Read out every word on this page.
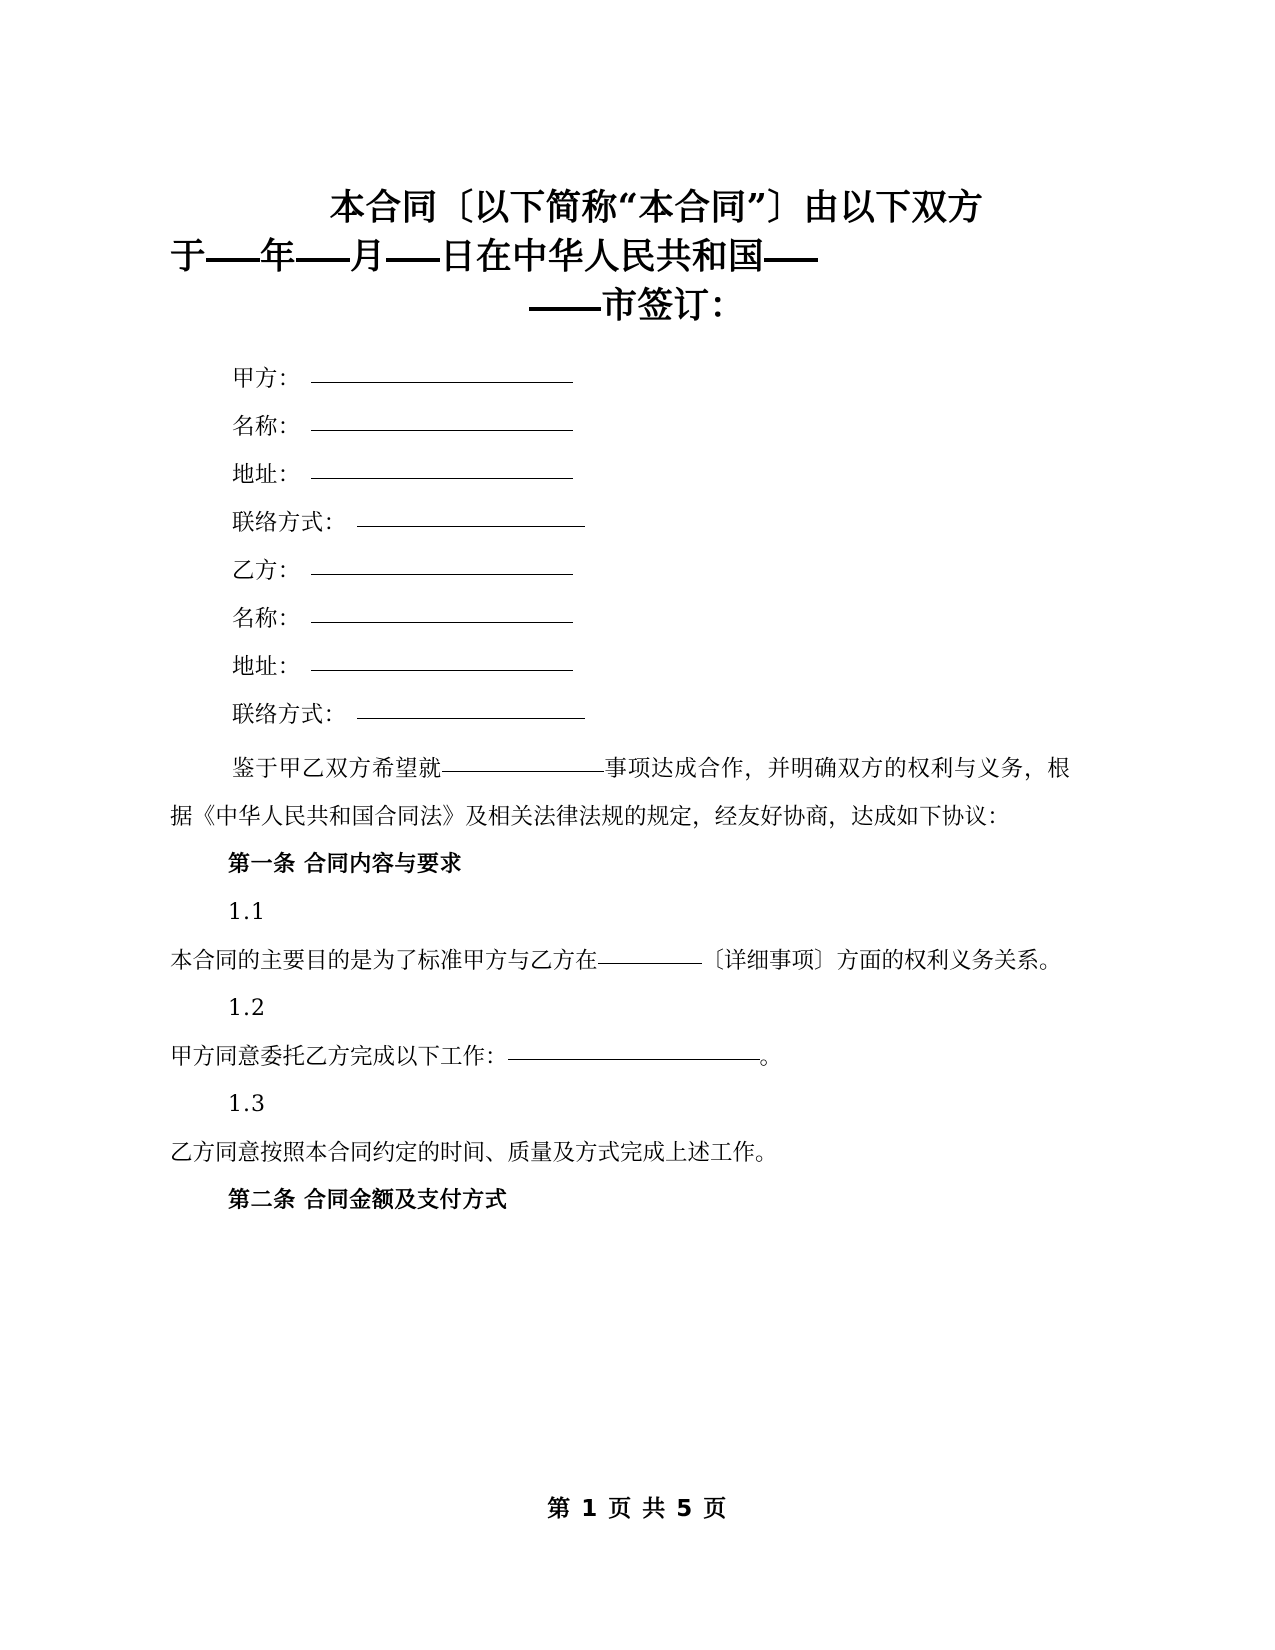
本合同〔以下简称“本合同”〕由以下双方
于 年 月 日在中华人民共和国
市签订：
甲方：
名称：
地址：
联络方式：
乙方：
名称：
地址：
联络方式：

鉴于甲乙双方希望就	事项达成合作，并明确双方的权利与义务，根据《中华人民共和国合同法》及相关法律法规的规定，经友好协商，达成如下协议：

第一条 合同内容与要求

1.1

本合同的主要目的是为了标准甲方与乙方在	〔详细事项〕方面的权利义务关系。

1.2

甲方同意委托乙方完成以下工作：	。

1.3

乙方同意按照本合同约定的时间、质量及方式完成上述工作。

第二条 合同金额及支付方式

第 1 页 共 5 页
